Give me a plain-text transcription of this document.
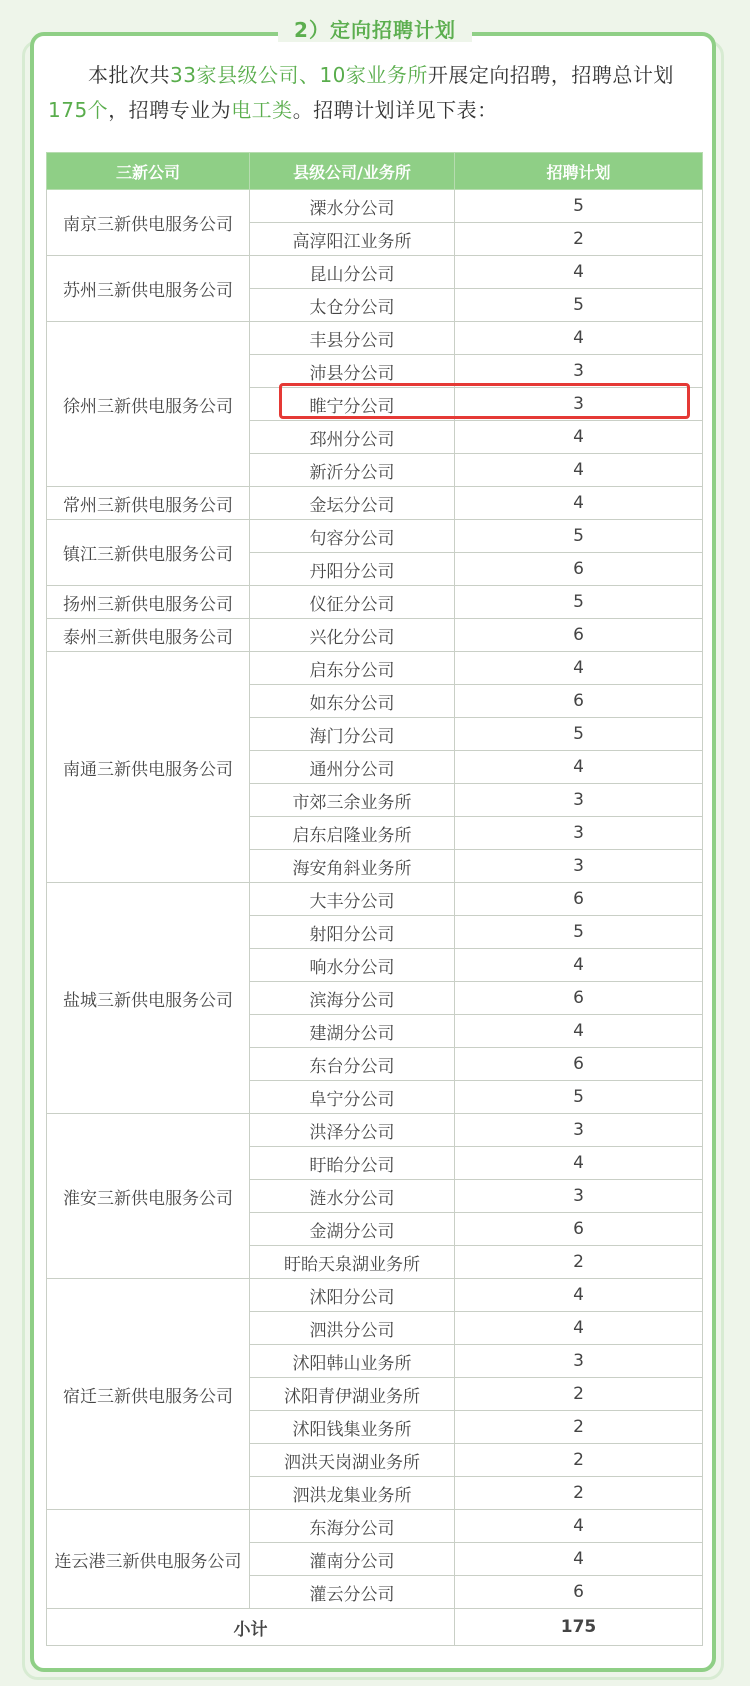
2）定向招聘计划
本批次共33家县级公司、10家业务所开展定向招聘，招聘总计划175个，招聘专业为电工类。招聘计划详见下表：
三新公司	县级公司/业务所	招聘计划
南京三新供电服务公司	溧水分公司	5
	高淳阳江业务所	2
苏州三新供电服务公司	昆山分公司	4
	太仓分公司	5
徐州三新供电服务公司	丰县分公司	4
	沛县分公司	3
	睢宁分公司	3
	邳州分公司	4
	新沂分公司	4
常州三新供电服务公司	金坛分公司	4
镇江三新供电服务公司	句容分公司	5
	丹阳分公司	6
扬州三新供电服务公司	仪征分公司	5
泰州三新供电服务公司	兴化分公司	6
南通三新供电服务公司	启东分公司	4
	如东分公司	6
	海门分公司	5
	通州分公司	4
	市郊三余业务所	3
	启东启隆业务所	3
	海安角斜业务所	3
盐城三新供电服务公司	大丰分公司	6
	射阳分公司	5
	响水分公司	4
	滨海分公司	6
	建湖分公司	4
	东台分公司	6
	阜宁分公司	5
淮安三新供电服务公司	洪泽分公司	3
	盱眙分公司	4
	涟水分公司	3
	金湖分公司	6
	盱眙天泉湖业务所	2
宿迁三新供电服务公司	沭阳分公司	4
	泗洪分公司	4
	沭阳韩山业务所	3
	沭阳青伊湖业务所	2
	沭阳钱集业务所	2
	泗洪天岗湖业务所	2
	泗洪龙集业务所	2
连云港三新供电服务公司	东海分公司	4
	灌南分公司	4
	灌云分公司	6
小计		175
